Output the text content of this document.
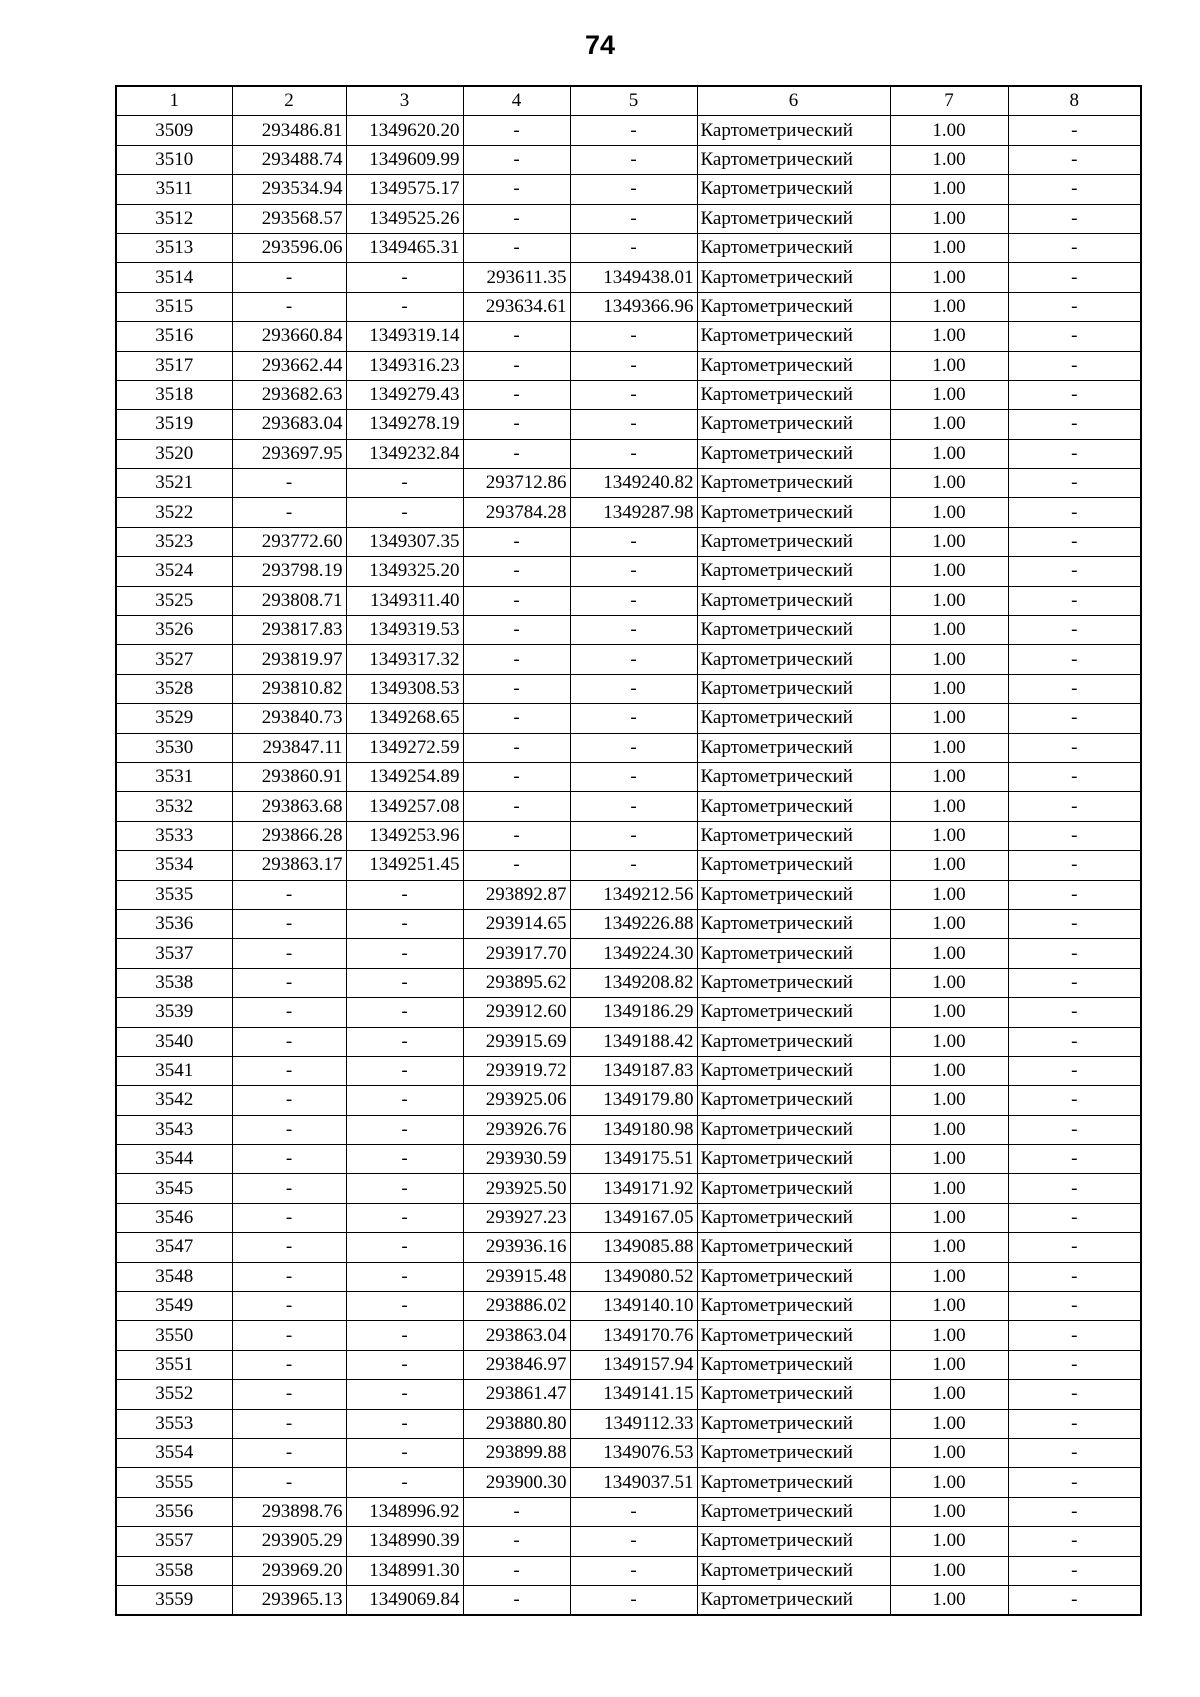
74
1	2	3	4	5	6	7	8
3509	293486.81	1349620.20	-	-	Картометрический	1.00	-
3510	293488.74	1349609.99	-	-	Картометрический	1.00	-
3511	293534.94	1349575.17	-	-	Картометрический	1.00	-
3512	293568.57	1349525.26	-	-	Картометрический	1.00	-
3513	293596.06	1349465.31	-	-	Картометрический	1.00	-
3514	-	-	293611.35	1349438.01	Картометрический	1.00	-
3515	-	-	293634.61	1349366.96	Картометрический	1.00	-
3516	293660.84	1349319.14	-	-	Картометрический	1.00	-
3517	293662.44	1349316.23	-	-	Картометрический	1.00	-
3518	293682.63	1349279.43	-	-	Картометрический	1.00	-
3519	293683.04	1349278.19	-	-	Картометрический	1.00	-
3520	293697.95	1349232.84	-	-	Картометрический	1.00	-
3521	-	-	293712.86	1349240.82	Картометрический	1.00	-
3522	-	-	293784.28	1349287.98	Картометрический	1.00	-
3523	293772.60	1349307.35	-	-	Картометрический	1.00	-
3524	293798.19	1349325.20	-	-	Картометрический	1.00	-
3525	293808.71	1349311.40	-	-	Картометрический	1.00	-
3526	293817.83	1349319.53	-	-	Картометрический	1.00	-
3527	293819.97	1349317.32	-	-	Картометрический	1.00	-
3528	293810.82	1349308.53	-	-	Картометрический	1.00	-
3529	293840.73	1349268.65	-	-	Картометрический	1.00	-
3530	293847.11	1349272.59	-	-	Картометрический	1.00	-
3531	293860.91	1349254.89	-	-	Картометрический	1.00	-
3532	293863.68	1349257.08	-	-	Картометрический	1.00	-
3533	293866.28	1349253.96	-	-	Картометрический	1.00	-
3534	293863.17	1349251.45	-	-	Картометрический	1.00	-
3535	-	-	293892.87	1349212.56	Картометрический	1.00	-
3536	-	-	293914.65	1349226.88	Картометрический	1.00	-
3537	-	-	293917.70	1349224.30	Картометрический	1.00	-
3538	-	-	293895.62	1349208.82	Картометрический	1.00	-
3539	-	-	293912.60	1349186.29	Картометрический	1.00	-
3540	-	-	293915.69	1349188.42	Картометрический	1.00	-
3541	-	-	293919.72	1349187.83	Картометрический	1.00	-
3542	-	-	293925.06	1349179.80	Картометрический	1.00	-
3543	-	-	293926.76	1349180.98	Картометрический	1.00	-
3544	-	-	293930.59	1349175.51	Картометрический	1.00	-
3545	-	-	293925.50	1349171.92	Картометрический	1.00	-
3546	-	-	293927.23	1349167.05	Картометрический	1.00	-
3547	-	-	293936.16	1349085.88	Картометрический	1.00	-
3548	-	-	293915.48	1349080.52	Картометрический	1.00	-
3549	-	-	293886.02	1349140.10	Картометрический	1.00	-
3550	-	-	293863.04	1349170.76	Картометрический	1.00	-
3551	-	-	293846.97	1349157.94	Картометрический	1.00	-
3552	-	-	293861.47	1349141.15	Картометрический	1.00	-
3553	-	-	293880.80	1349112.33	Картометрический	1.00	-
3554	-	-	293899.88	1349076.53	Картометрический	1.00	-
3555	-	-	293900.30	1349037.51	Картометрический	1.00	-
3556	293898.76	1348996.92	-	-	Картометрический	1.00	-
3557	293905.29	1348990.39	-	-	Картометрический	1.00	-
3558	293969.20	1348991.30	-	-	Картометрический	1.00	-
3559	293965.13	1349069.84	-	-	Картометрический	1.00	-
